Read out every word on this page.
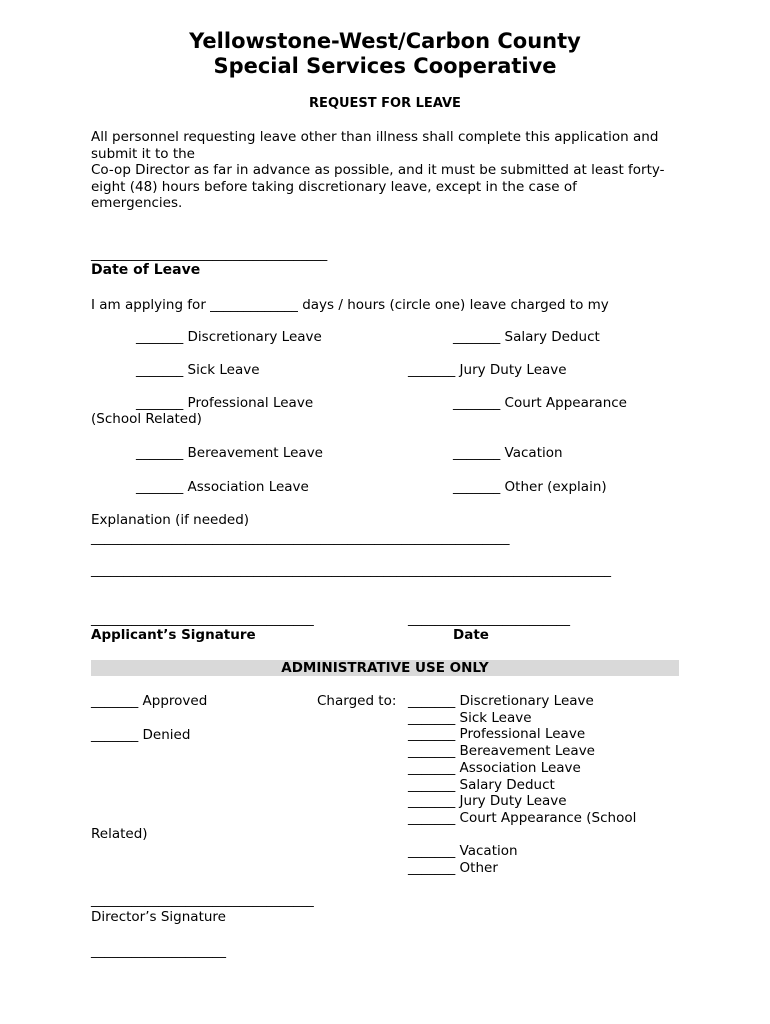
Yellowstone-West/Carbon County
Special Services Cooperative
REQUEST FOR LEAVE
All personnel requesting leave other than illness shall complete this application and
submit it to the
Co-op Director as far in advance as possible, and it must be submitted at least forty-
eight (48) hours before taking discretionary leave, except in the case of
emergencies.
___________________________________
Date of Leave
I am applying for _____________ days / hours (circle one) leave charged to my
_______ Discretionary Leave	_______ Salary Deduct
_______ Sick Leave	_______ Jury Duty Leave
_______ Professional Leave	_______ Court Appearance
(School Related)
_______ Bereavement Leave	_______ Vacation
_______ Association Leave	_______ Other (explain)
Explanation (if needed)
______________________________________________________________
________________________________________________________________________________
_________________________________
Applicant’s Signature
________________________
Date
ADMINISTRATIVE USE ONLY
_______ Approved
_______ Denied
Charged to: _______ Discretionary Leave
_______ Sick Leave
_______ Professional Leave
_______ Bereavement Leave
_______ Association Leave
_______ Salary Deduct
_______ Jury Duty Leave
_______ Court Appearance (School
Related)
_______ Vacation
_______ Other
_________________________________
Director’s Signature
____________________
